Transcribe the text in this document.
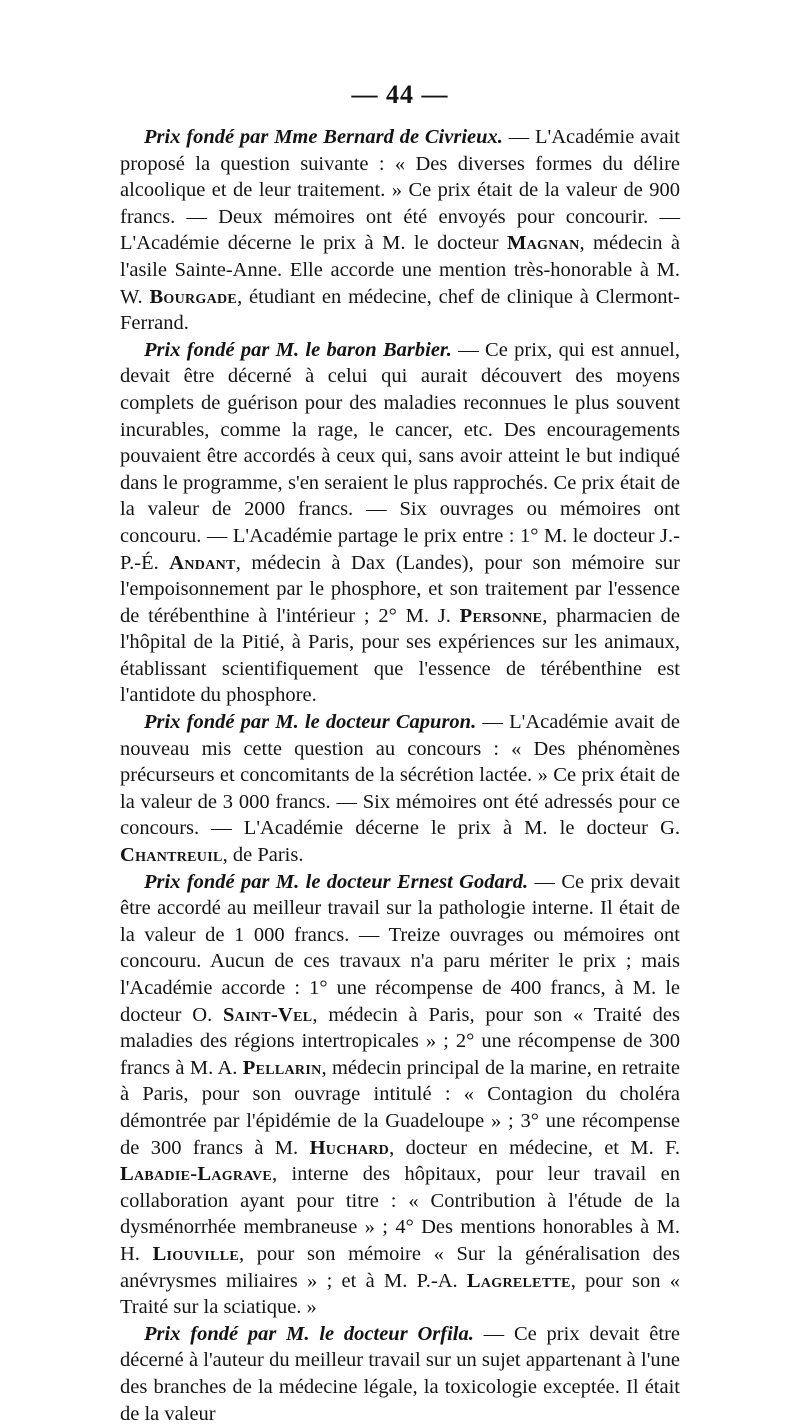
— 44 —

Prix fondé par Mme Bernard de Civrieux. — L'Académie avait proposé la question suivante : « Des diverses formes du délire alcoolique et de leur traitement. » Ce prix était de la valeur de 900 francs. — Deux mémoires ont été envoyés pour concourir. — L'Académie décerne le prix à M. le docteur Magnan, médecin à l'asile Sainte-Anne. Elle accorde une mention très-honorable à M. W. Bourgade, étudiant en médecine, chef de clinique à Clermont-Ferrand.

Prix fondé par M. le baron Barbier. — Ce prix, qui est annuel, devait être décerné à celui qui aurait découvert des moyens complets de guérison pour des maladies reconnues le plus souvent incurables, comme la rage, le cancer, etc. Des encouragements pouvaient être accordés à ceux qui, sans avoir atteint le but indiqué dans le programme, s'en seraient le plus rapprochés. Ce prix était de la valeur de 2000 francs. — Six ouvrages ou mémoires ont concouru. — L'Académie partage le prix entre : 1° M. le docteur J.-P.-É. Andant, médecin à Dax (Landes), pour son mémoire sur l'empoisonnement par le phosphore, et son traitement par l'essence de térébenthine à l'intérieur ; 2° M. J. Personne, pharmacien de l'hôpital de la Pitié, à Paris, pour ses expériences sur les animaux, établissant scientifiquement que l'essence de térébenthine est l'antidote du phosphore.

Prix fondé par M. le docteur Capuron. — L'Académie avait de nouveau mis cette question au concours : « Des phénomènes précurseurs et concomitants de la sécrétion lactée. » Ce prix était de la valeur de 3 000 francs. — Six mémoires ont été adressés pour ce concours. — L'Académie décerne le prix à M. le docteur G. Chantreuil, de Paris.

Prix fondé par M. le docteur Ernest Godard. — Ce prix devait être accordé au meilleur travail sur la pathologie interne. Il était de la valeur de 1 000 francs. — Treize ouvrages ou mémoires ont concouru. Aucun de ces travaux n'a paru mériter le prix ; mais l'Académie accorde : 1° une récompense de 400 francs, à M. le docteur O. Saint-Vel, médecin à Paris, pour son « Traité des maladies des régions intertropicales » ; 2° une récompense de 300 francs à M. A. Pellarin, médecin principal de la marine, en retraite à Paris, pour son ouvrage intitulé : « Contagion du choléra démontrée par l'épidémie de la Guadeloupe » ; 3° une récompense de 300 francs à M. Huchard, docteur en médecine, et M. F. Labadie-Lagrave, interne des hôpitaux, pour leur travail en collaboration ayant pour titre : « Contribution à l'étude de la dysménorrhée membraneuse » ; 4° Des mentions honorables à M. H. Liouville, pour son mémoire « Sur la généralisation des anévrysmes miliaires » ; et à M. P.-A. Lagrelette, pour son « Traité sur la sciatique. »

Prix fondé par M. le docteur Orfila. — Ce prix devait être décerné à l'auteur du meilleur travail sur un sujet appartenant à l'une des branches de la médecine légale, la toxicologie exceptée. Il était de la valeur
